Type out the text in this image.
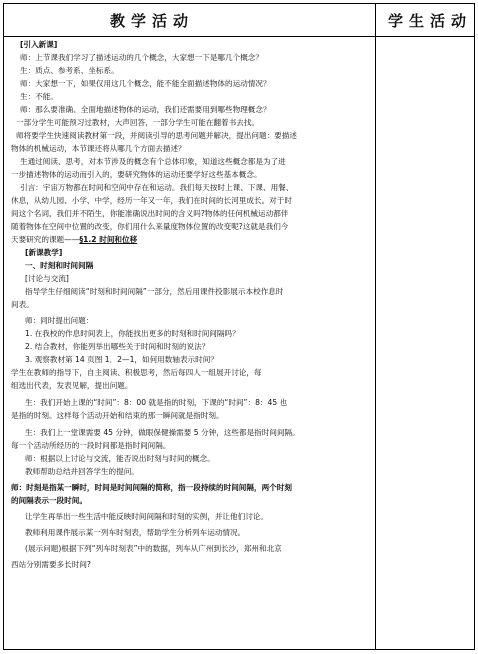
教学活动	学生活动
[引入新课]
师：上节课我们学习了描述运动的几个概念，大家想一下是哪几个概念？
生：质点、参考系、坐标系。
师：大家想一下，如果仅用这几个概念，能不能全面描述物体的运动情况？
生：不能。
师：那么要准确、全面地描述物体的运动，我们还需要用到哪些物理概念？
一部分学生可能预习过教材，大声回答，一部分学生可能在翻着书去找。
师将要学生快速阅读教材第一段，并阅读引导的思考问题并解决，提出问题：要描述
物体的机械运动，本节课还将从哪几个方面去描述？
生通过阅读、思考，对本节涉及的概念有个总体印象，知道这些概念都是为了进
一步描述物体的运动而引入的，要研究物体的运动还要学好这些基本概念。
引言：宇宙万物都在时间和空间中存在和运动。我们每天按时上课、下课、用餐、
休息，从幼儿园、小学、中学，经历一年又一年，我们在时间的长河里成长。对于时
间这个名词，我们并不陌生，你能准确说出时间的含义吗?物体的任何机械运动都伴
随着物体在空间中位置的改变，你们用什么来量度物体位置的改变呢?这就是我们今
天要研究的课题——§1.2 时间和位移
[新课教学]
一、时刻和时间间隔
[讨论与交流]
指导学生仔细阅读“时刻和时间间隔”一部分，然后用课件投影展示本校作息时
间表。
师：同时提出问题：
1. 在我校的作息时间表上，你能找出更多的时刻和时间间隔吗？
2. 结合教材，你能列举出哪些关于时间和时刻的说法？
3. 观察教材第 14 页图 1．2—1，如何用数轴表示时间？
学生在教师的指导下，自主阅读、积极思考，然后每四人一组展开讨论，每
组选出代表，发表见解，提出问题。
生：我们开始上课的“时间”：8：00 就是指的时刻，下课的“时间”：8：45 也
是指的时刻。这样每个活动开始和结束的那一瞬间就是指时刻。
生：我们上一堂课需要 45 分钟，做眼保健操需要 5 分钟，这些都是指时间间隔。
每一个活动所经历的一段时间都是指时间间隔。
师：根据以上讨论与交流，能否说出时刻与时间的概念。
教师帮助总结并回答学生的提问。
师：时刻是指某一瞬时，时间是时间间隔的简称，指一段持续的时间间隔，两个时刻
的间隔表示一段时间。
让学生再举出一些生活中能反映时间间隔和时刻的实例，并让他们讨论。
教师利用课件展示某一列车时刻表，帮助学生分析列车运动情况。
(展示问题)根据下列“列车时刻表”中的数据，列车从广州到长沙，郑州和北京
西站分别需要多长时间?
